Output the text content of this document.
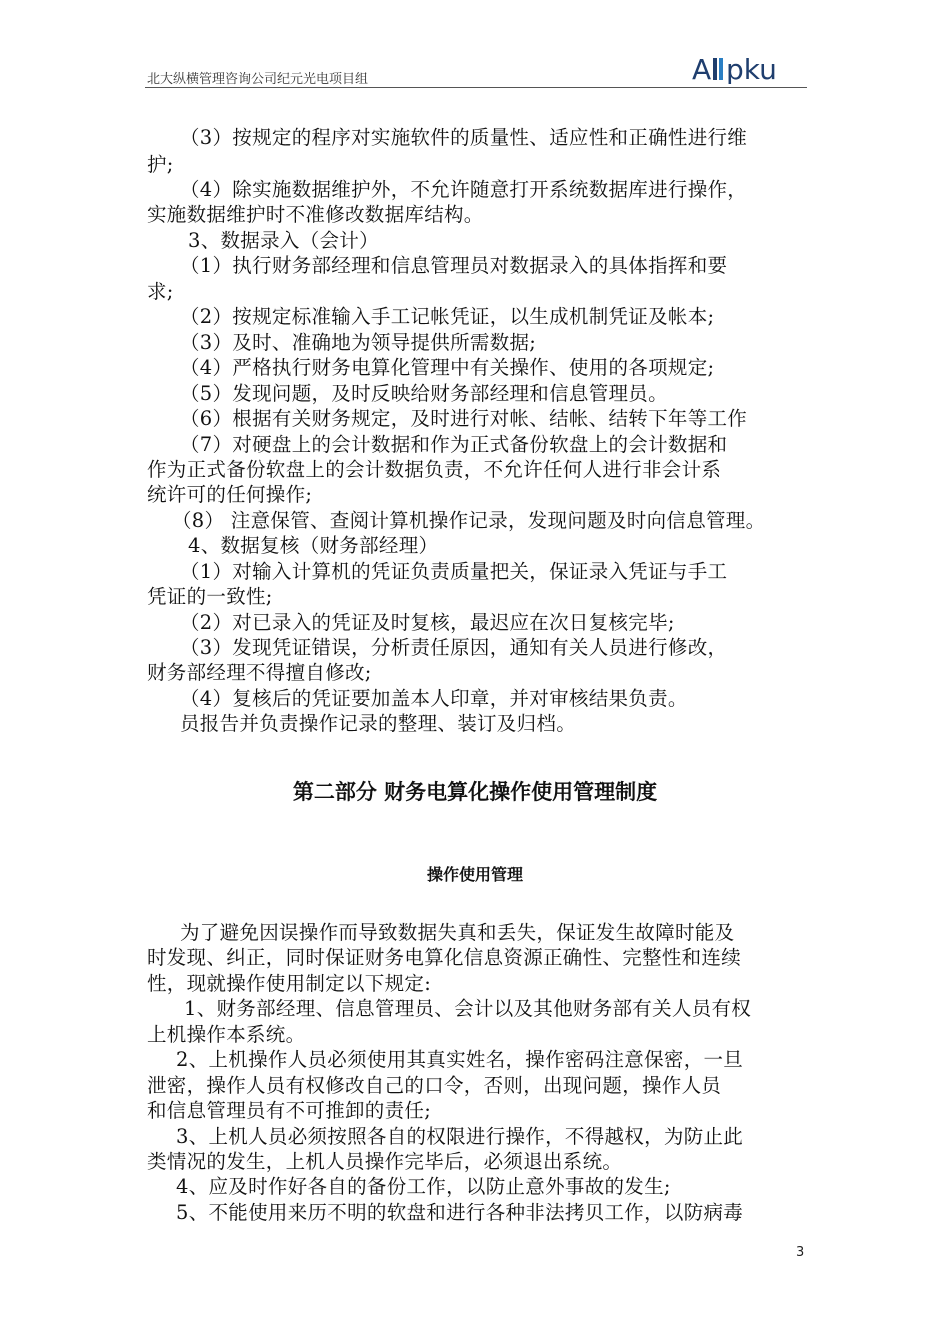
北大纵横管理咨询公司纪元光电项目组	A pku
（3）按规定的程序对实施软件的质量性、适应性和正确性进行维
护;
（4）除实施数据维护外，不允许随意打开系统数据库进行操作，
实施数据维护时不准修改数据库结构。
3、数据录入（会计）
（1）执行财务部经理和信息管理员对数据录入的具体指挥和要
求;
（2）按规定标准输入手工记帐凭证，以生成机制凭证及帐本;
（3）及时、准确地为领导提供所需数据;
（4）严格执行财务电算化管理中有关操作、使用的各项规定;
（5）发现问题，及时反映给财务部经理和信息管理员。
（6）根据有关财务规定，及时进行对帐、结帐、结转下年等工作
（7）对硬盘上的会计数据和作为正式备份软盘上的会计数据和
作为正式备份软盘上的会计数据负责，不允许任何人进行非会计系
统许可的任何操作;
（8） 注意保管、查阅计算机操作记录，发现问题及时向信息管理。
4、数据复核（财务部经理）
（1）对输入计算机的凭证负责质量把关，保证录入凭证与手工
凭证的一致性;
（2）对已录入的凭证及时复核，最迟应在次日复核完毕;
（3）发现凭证错误，分析责任原因，通知有关人员进行修改，
财务部经理不得擅自修改;
（4）复核后的凭证要加盖本人印章，并对审核结果负责。
员报告并负责操作记录的整理、装订及归档。
第二部分 财务电算化操作使用管理制度
操作使用管理
为了避免因误操作而导致数据失真和丢失，保证发生故障时能及
时发现、纠正，同时保证财务电算化信息资源正确性、完整性和连续
性，现就操作使用制定以下规定:
1、财务部经理、信息管理员、会计以及其他财务部有关人员有权
上机操作本系统。
2、上机操作人员必须使用其真实姓名，操作密码注意保密，一旦
泄密，操作人员有权修改自己的口令，否则，出现问题，操作人员
和信息管理员有不可推卸的责任;
3、上机人员必须按照各自的权限进行操作，不得越权，为防止此
类情况的发生，上机人员操作完毕后，必须退出系统。
4、应及时作好各自的备份工作，以防止意外事故的发生;
5、不能使用来历不明的软盘和进行各种非法拷贝工作，以防病毒
3
